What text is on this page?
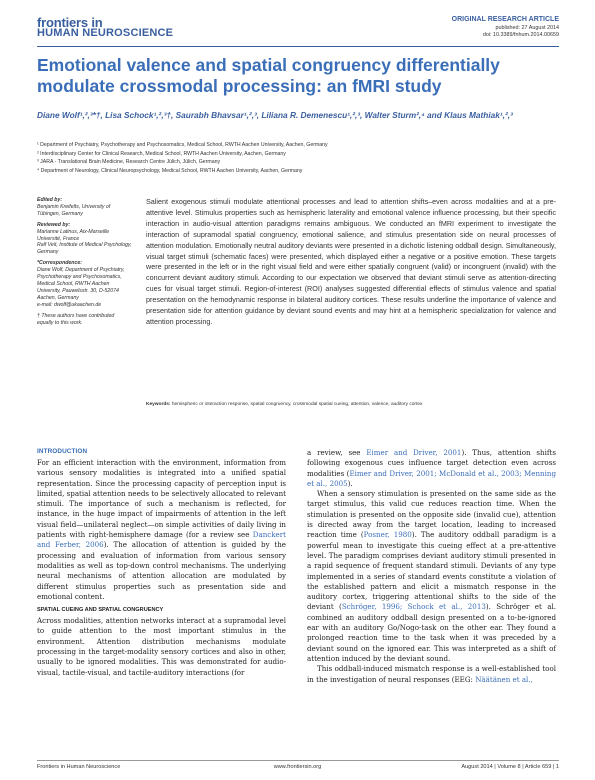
frontiers in
HUMAN NEUROSCIENCE
ORIGINAL RESEARCH ARTICLE
published: 27 August 2014
doi: 10.3389/fnhum.2014.00659
Emotional valence and spatial congruency differentially modulate crossmodal processing: an fMRI study
Diane Wolf¹,²,³*†, Lisa Schock¹,²,³†, Saurabh Bhavsar¹,²,³, Liliana R. Demenescu¹,²,³, Walter Sturm²,⁴ and Klaus Mathiak¹,²,³
¹ Department of Psychiatry, Psychotherapy and Psychosomatics, Medical School, RWTH Aachen University, Aachen, Germany
² Interdisciplinary Center for Clinical Research, Medical School, RWTH Aachen University, Aachen, Germany
³ JARA - Translational Brain Medicine, Research Centre Jülich, Jülich, Germany
⁴ Department of Neurology, Clinical Neuropsychology, Medical School, RWTH Aachen University, Aachen, Germany

Edited by:
Benjamin Kreifelts, University of Tübingen, Germany

Reviewed by:
Marianne Latinus, Aix-Marseille Université, France
Ralf Veit, Institute of Medical Psychology, Germany

*Correspondence:
Diane Wolf, Department of Psychiatry, Psychotherapy and Psychosomatics, Medical School, RWTH Aachen University, Pauwelsstr. 30, D-52074 Aachen, Germany
e-mail: dwolf@ukaachen.de

† These authors have contributed equally to this work.

Salient exogenous stimuli modulate attentional processes and lead to attention shifts–even across modalities and at a pre-attentive level. Stimulus properties such as hemispheric laterality and emotional valence influence processing, but their specific interaction in audio-visual attention paradigms remains ambiguous. We conducted an fMRI experiment to investigate the interaction of supramodal spatial congruency, emotional salience, and stimulus presentation side on neural processes of attention modulation. Emotionally neutral auditory deviants were presented in a dichotic listening oddball design. Simultaneously, visual target stimuli (schematic faces) were presented, which displayed either a negative or a positive emotion. These targets were presented in the left or in the right visual field and were either spatially congruent (valid) or incongruent (invalid) with the concurrent deviant auditory stimuli. According to our expectation we observed that deviant stimuli serve as attention-directing cues for visual target stimuli. Region-of-interest (ROI) analyses suggested differential effects of stimulus valence and spatial presentation on the hemodynamic response in bilateral auditory cortices. These results underline the importance of valence and presentation side for attention guidance by deviant sound events and may hint at a hemispheric specialization for valence and attention processing.
Keywords: hemispheric or interaction response, spatial congruency, crossmodal spatial cueing, attention, valence, auditory cortex
INTRODUCTION

For an efficient interaction with the environment, information from various sensory modalities is integrated into a unified spatial representation. Since the processing capacity of perception input is limited, spatial attention needs to be selectively allocated to relevant stimuli. The importance of such a mechanism is reflected, for instance, in the huge impact of impairments of attention in the left visual field—unilateral neglect—on simple activities of daily living in patients with right-hemisphere damage (for a review see Danckert and Ferber, 2006). The allocation of attention is guided by the processing and evaluation of information from various sensory modalities as well as top-down control mechanisms. The underlying neural mechanisms of attention allocation are modulated by different stimulus properties such as presentation side and emotional content.

SPATIAL CUEING AND SPATIAL CONGRUENCY

Across modalities, attention networks interact at a supramodal level to guide attention to the most important stimulus in the environment. Attention distribution mechanisms modulate processing in the target-modality sensory cortices and also in other, usually to be ignored modalities. This was demonstrated for audio-visual, tactile-visual, and tactile-auditory interactions (for

a review, see Eimer and Driver, 2001). Thus, attention shifts following exogenous cues influence target detection even across modalities (Eimer and Driver, 2001; McDonald et al., 2003; Menning et al., 2005).

When a sensory stimulation is presented on the same side as the target stimulus, this valid cue reduces reaction time. When the stimulation is presented on the opposite side (invalid cue), attention is directed away from the target location, leading to increased reaction time (Posner, 1980). The auditory oddball paradigm is a powerful mean to investigate this cueing effect at a pre-attentive level. The paradigm comprises deviant auditory stimuli presented in a rapid sequence of frequent standard stimuli. Deviants of any type implemented in a series of standard events constitute a violation of the established pattern and elicit a mismatch response in the auditory cortex, triggering attentional shifts to the side of the deviant (Schröger, 1996; Schock et al., 2013). Schröger et al. combined an auditory oddball design presented on a to-be-ignored ear with an auditory Go/Nogo-task on the other ear. They found a prolonged reaction time to the task when it was preceded by a deviant sound on the ignored ear. This was interpreted as a shift of attention induced by the deviant sound.

This oddball-induced mismatch response is a well-established tool in the investigation of neural responses (EEG: Näätänen et al.,

Frontiers in Human Neuroscience	www.frontiersin.org	August 2014 | Volume 8 | Article 659 | 1
